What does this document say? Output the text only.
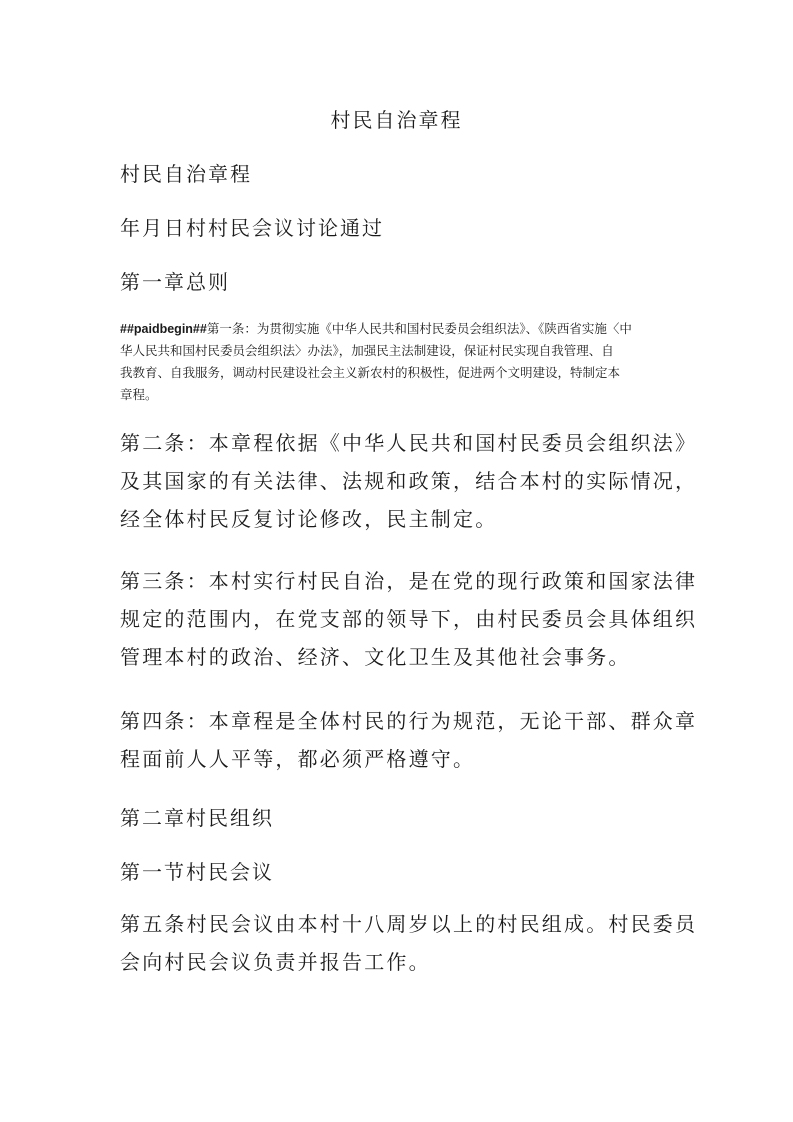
村民自治章程

村民自治章程

年月日村村民会议讨论通过

第一章总则

##paidbegin##第一条：为贯彻实施《中华人民共和国村民委员会组织法》、《陕西省实施〈中
华人民共和国村民委员会组织法〉办法》，加强民主法制建设，保证村民实现自我管理、自
我教育、自我服务，调动村民建设社会主义新农村的积极性，促进两个文明建设，特制定本
章程。

第二条：本章程依据《中华人民共和国村民委员会组织法》
及其国家的有关法律、法规和政策，结合本村的实际情况，
经全体村民反复讨论修改，民主制定。

第三条：本村实行村民自治，是在党的现行政策和国家法律
规定的范围内，在党支部的领导下，由村民委员会具体组织
管理本村的政治、经济、文化卫生及其他社会事务。

第四条：本章程是全体村民的行为规范，无论干部、群众章
程面前人人平等，都必须严格遵守。

第二章村民组织

第一节村民会议

第五条村民会议由本村十八周岁以上的村民组成。村民委员
会向村民会议负责并报告工作。
